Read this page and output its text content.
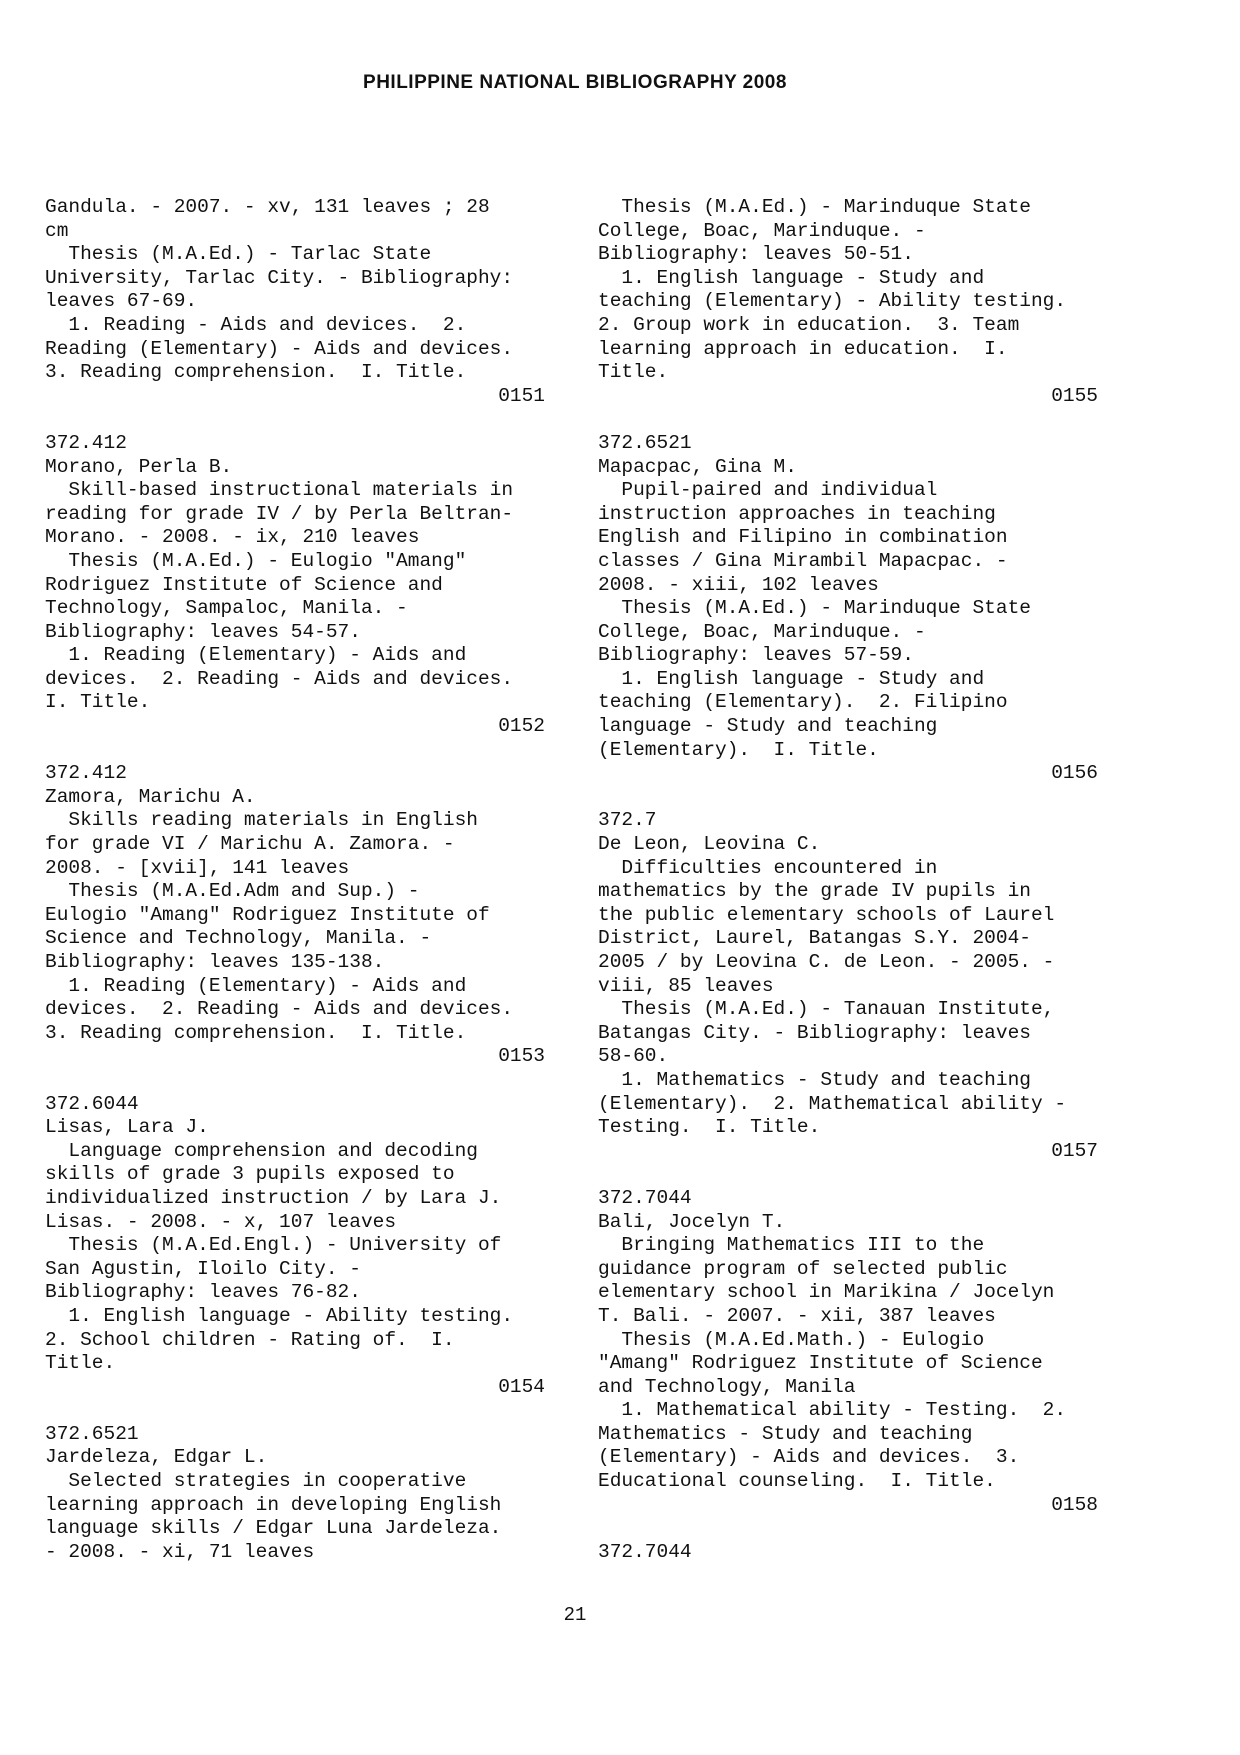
PHILIPPINE NATIONAL BIBLIOGRAPHY 2008
Gandula. - 2007. - xv, 131 leaves ; 28
cm
Thesis (M.A.Ed.) - Tarlac State
University, Tarlac City. - Bibliography:
leaves 67-69.
1. Reading - Aids and devices.  2.
Reading (Elementary) - Aids and devices.
3. Reading comprehension.  I. Title.
0151
372.412
Morano, Perla B.
Skill-based instructional materials in
reading for grade IV / by Perla Beltran-
Morano. - 2008. - ix, 210 leaves
Thesis (M.A.Ed.) - Eulogio "Amang"
Rodriguez Institute of Science and
Technology, Sampaloc, Manila. -
Bibliography: leaves 54-57.
1. Reading (Elementary) - Aids and
devices.  2. Reading - Aids and devices.
I. Title.
0152
372.412
Zamora, Marichu A.
Skills reading materials in English
for grade VI / Marichu A. Zamora. -
2008. - [xvii], 141 leaves
Thesis (M.A.Ed.Adm and Sup.) -
Eulogio "Amang" Rodriguez Institute of
Science and Technology, Manila. -
Bibliography: leaves 135-138.
1. Reading (Elementary) - Aids and
devices.  2. Reading - Aids and devices.
3. Reading comprehension.  I. Title.
0153
372.6044
Lisas, Lara J.
Language comprehension and decoding
skills of grade 3 pupils exposed to
individualized instruction / by Lara J.
Lisas. - 2008. - x, 107 leaves
Thesis (M.A.Ed.Engl.) - University of
San Agustin, Iloilo City. -
Bibliography: leaves 76-82.
1. English language - Ability testing.
2. School children - Rating of.  I.
Title.
0154
372.6521
Jardeleza, Edgar L.
Selected strategies in cooperative
learning approach in developing English
language skills / Edgar Luna Jardeleza.
- 2008. - xi, 71 leaves
Thesis (M.A.Ed.) - Marinduque State
College, Boac, Marinduque. -
Bibliography: leaves 50-51.
1. English language - Study and
teaching (Elementary) - Ability testing.
2. Group work in education.  3. Team
learning approach in education.  I.
Title.
0155
372.6521
Mapacpac, Gina M.
Pupil-paired and individual
instruction approaches in teaching
English and Filipino in combination
classes / Gina Mirambil Mapacpac. -
2008. - xiii, 102 leaves
Thesis (M.A.Ed.) - Marinduque State
College, Boac, Marinduque. -
Bibliography: leaves 57-59.
1. English language - Study and
teaching (Elementary).  2. Filipino
language - Study and teaching
(Elementary).  I. Title.
0156
372.7
De Leon, Leovina C.
Difficulties encountered in
mathematics by the grade IV pupils in
the public elementary schools of Laurel
District, Laurel, Batangas S.Y. 2004-
2005 / by Leovina C. de Leon. - 2005. -
viii, 85 leaves
Thesis (M.A.Ed.) - Tanauan Institute,
Batangas City. - Bibliography: leaves
58-60.
1. Mathematics - Study and teaching
(Elementary).  2. Mathematical ability -
Testing.  I. Title.
0157
372.7044
Bali, Jocelyn T.
Bringing Mathematics III to the
guidance program of selected public
elementary school in Marikina / Jocelyn
T. Bali. - 2007. - xii, 387 leaves
Thesis (M.A.Ed.Math.) - Eulogio
"Amang" Rodriguez Institute of Science
and Technology, Manila
1. Mathematical ability - Testing.  2.
Mathematics - Study and teaching
(Elementary) - Aids and devices.  3.
Educational counseling.  I. Title.
0158
372.7044
21
